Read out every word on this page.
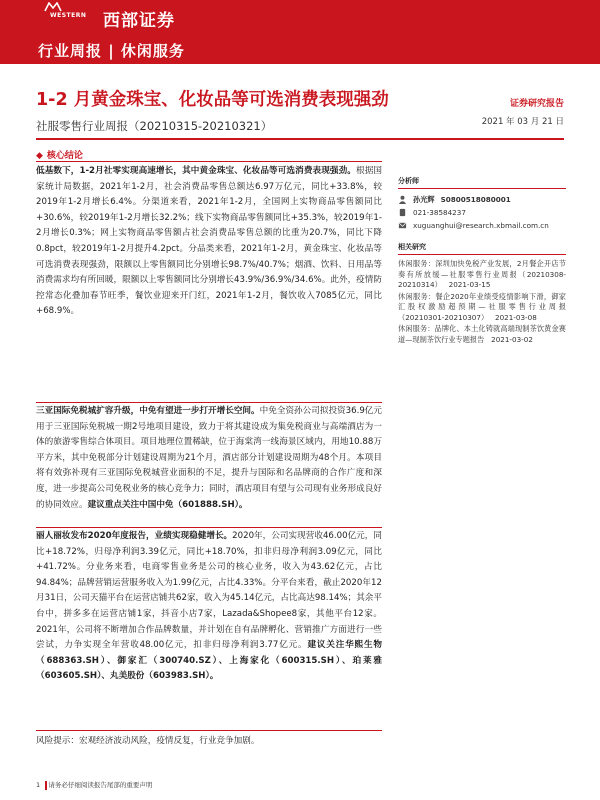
WESTERN 西部证券
行业周报 | 休闲服务
1-2 月黄金珠宝、化妆品等可选消费表现强劲	证券研究报告
社服零售行业周报（20210315-20210321）	2021 年 03 月 21 日
◆ 核心结论
低基数下，1-2月社零实现高速增长，其中黄金珠宝、化妆品等可选消费表现强劲。根据国家统计局数据，2021年1-2月，社会消费品零售总额达6.97万亿元，同比+33.8%，较2019年1-2月增长6.4%。分渠道来看，2021年1-2月，全国网上实物商品零售额同比+30.6%，较2019年1-2月增长32.2%；线下实物商品零售额同比+35.3%，较2019年1-2月增长0.3%；网上实物商品零售额占社会消费品零售总额的比重为20.7%，同比下降0.8pct，较2019年1-2月提升4.2pct。分品类来看，2021年1-2月，黄金珠宝、化妆品等可选消费表现强劲，限额以上零售额同比分别增长98.7%/40.7%；烟酒、饮料、日用品等消费需求均有所回暖，限额以上零售额同比分别增长43.9%/36.9%/34.6%。此外，疫情防控常态化叠加春节旺季，餐饮业迎来开门红，2021年1-2月，餐饮收入7085亿元，同比+68.9%。
三亚国际免税城扩容升级，中免有望进一步打开增长空间。中免全资孙公司拟投资36.9亿元用于三亚国际免税城一期2号地项目建设，致力于将其建设成为集免税商业与高端酒店为一体的旅游零售综合体项目。项目地理位置稀缺，位于海棠湾一线海景区域内，用地10.88万平方米，其中免税部分计划建设周期为21个月，酒店部分计划建设周期为48个月。本项目将有效弥补现有三亚国际免税城营业面积的不足，提升与国际和名品牌商的合作广度和深度，进一步提高公司免税业务的核心竞争力；同时，酒店项目有望与公司现有业务形成良好的协同效应。建议重点关注中国中免（601888.SH）。
丽人丽妆发布2020年度报告，业绩实现稳健增长。2020年，公司实现营收46.00亿元，同比+18.72%，归母净利润3.39亿元，同比+18.70%，扣非归母净利润3.09亿元，同比+41.72%。分业务来看，电商零售业务是公司的核心业务，收入为43.62亿元，占比94.84%；品牌营销运营服务收入为1.99亿元，占比4.33%。分平台来看，截止2020年12月31日，公司天猫平台在运营店铺共62家，收入为45.14亿元，占比高达98.14%；其余平台中，拼多多在运营店铺1家，抖音小店7家，Lazada&Shopee8家，其他平台12家。2021年，公司将不断增加合作品牌数量，并计划在自有品牌孵化、营销推广方面进行一些尝试，力争实现全年营收48.00亿元，扣非归母净利润3.77亿元。建议关注华熙生物（688363.SH）、御家汇（300740.SZ）、上海家化（600315.SH）、珀莱雅（603605.SH）、丸美股份（603983.SH）。
风险提示：宏观经济波动风险，疫情反复，行业竞争加剧。
分析师
孙光辉 S0800518080001
021-38584237
xuguanghui@research.xbmail.com.cn
相关研究
休闲服务：深圳加快免税产业发展，2月餐企开店节奏有所放缓—社服零售行业周报（20210308-20210314） 2021-03-15
休闲服务：餐企2020年业绩受疫情影响下滑，御家汇股权激励超预期—社服零售行业周报（20210301-20210307） 2021-03-08
休闲服务：品牌化、本土化铸就高端现制茶饮黄金赛道—现制茶饮行业专题报告 2021-03-02
1 请务必仔细阅读报告尾部的重要声明
